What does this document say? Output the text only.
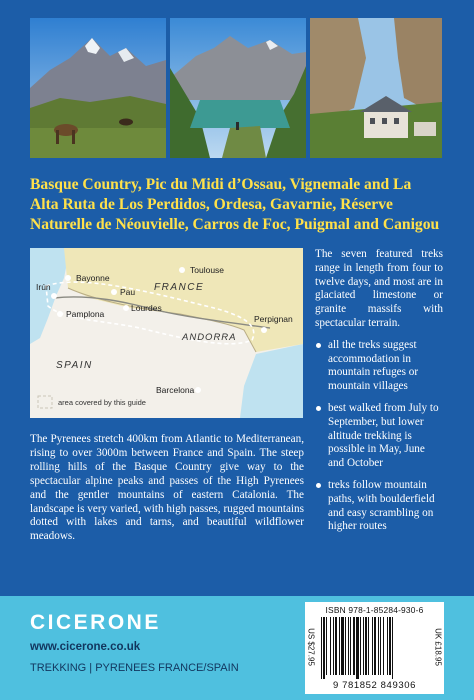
Basque Country, Pic du Midi d’Ossau, Vignemale and La Alta Ruta de Los Perdidos, Ordesa, Gavarnie, Réserve Naturelle de Néouvielle, Carros de Foc, Puigmal and Canigou
Bayonne
Toulouse
Irún	Pau
Lourdes
Pamplona	Perpignan
Barcelona
FRANCE
SPAIN
ANDORRA
area covered by this guide

The seven featured treks range in length from four to twelve days, and most are in glaciated limestone or granite massifs with spectacular terrain.

all the treks suggest accommodation in mountain refuges or mountain villages
best walked from July to September, but lower altitude trekking is possible in May, June and October
treks follow mountain paths, with boulderfield and easy scrambling on higher routes
The Pyrenees stretch 400km from Atlantic to Mediterranean, rising to over 3000m between France and Spain. The steep rolling hills of the Basque Country give way to the spectacular alpine peaks and passes of the High Pyrenees and the gentler mountains of eastern Catalonia. The landscape is very varied, with high passes, rugged mountains dotted with lakes and tarns, and beautiful wildflower meadows.
CICERONE
www.cicerone.co.uk
TREKKING | PYRENEES FRANCE/SPAIN
ISBN 978-1-85284-930-6
US $27.95	UK £18.95
9 781852 849306
